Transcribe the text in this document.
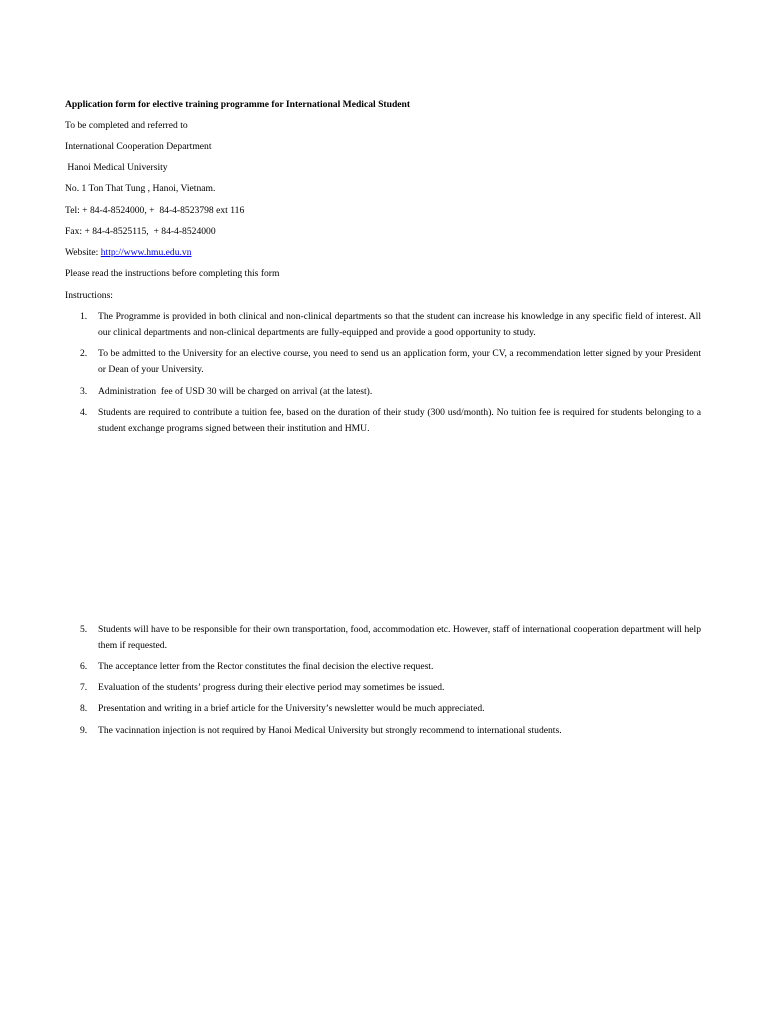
Application form for elective training programme for International Medical Student
To be completed and referred to
International Cooperation Department
Hanoi Medical University
No. 1 Ton That Tung , Hanoi, Vietnam.
Tel: + 84-4-8524000, +  84-4-8523798 ext 116
Fax: + 84-4-8525115,  + 84-4-8524000
Website: http://www.hmu.edu.vn
Please read the instructions before completing this form
Instructions:
1.	The Programme is provided in both clinical and non-clinical departments so that the student can increase his knowledge in any specific field of interest. All our clinical departments and non-clinical departments are fully-equipped and provide a good opportunity to study.
2.	To be admitted to the University for an elective course, you need to send us an application form, your CV, a recommendation letter signed by your President or Dean of your University.
3.	Administration  fee of USD 30 will be charged on arrival (at the latest).
4.	Students are required to contribute a tuition fee, based on the duration of their study (300 usd/month). No tuition fee is required for students belonging to a student exchange programs signed between their institution and HMU.
5.	Students will have to be responsible for their own transportation, food, accommodation etc. However, staff of international cooperation department will help them if requested.
6.	The acceptance letter from the Rector constitutes the final decision the elective request.
7.	Evaluation of the students’ progress during their elective period may sometimes be issued.
8.	Presentation and writing in a brief article for the University’s newsletter would be much appreciated.
9.	The vacinnation injection is not required by Hanoi Medical University but strongly recommend to international students.
